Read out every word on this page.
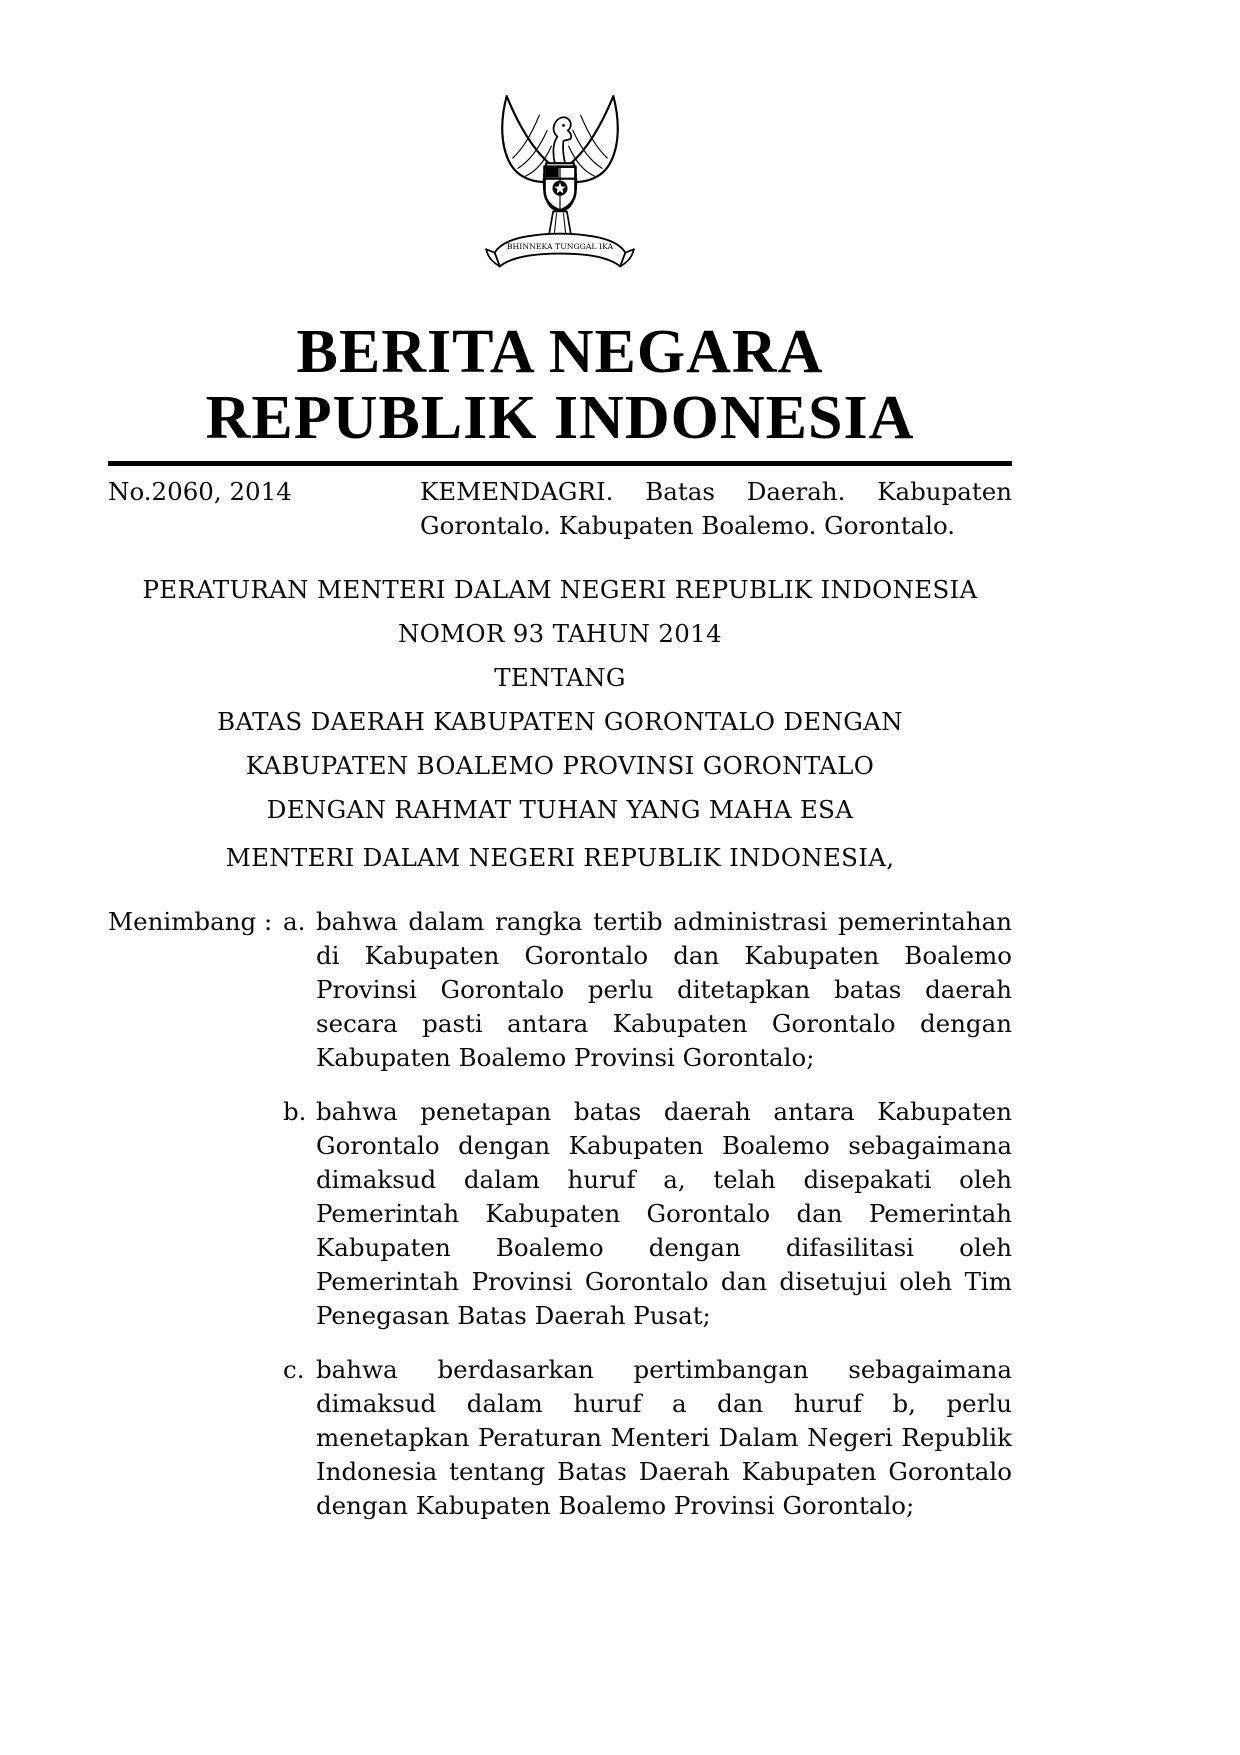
BHINNEKA TUNGGAL IKA
BERITA NEGARA
REPUBLIK INDONESIA
No.2060, 2014	KEMENDAGRI. Batas Daerah. Kabupaten Gorontalo. Kabupaten Boalemo. Gorontalo.
PERATURAN MENTERI DALAM NEGERI REPUBLIK INDONESIA
NOMOR 93 TAHUN 2014
TENTANG
BATAS DAERAH KABUPATEN GORONTALO DENGAN
KABUPATEN BOALEMO PROVINSI GORONTALO
DENGAN RAHMAT TUHAN YANG MAHA ESA
MENTERI DALAM NEGERI REPUBLIK INDONESIA,
Menimbang : a. bahwa dalam rangka tertib administrasi pemerintahan di Kabupaten Gorontalo dan Kabupaten Boalemo Provinsi Gorontalo perlu ditetapkan batas daerah secara pasti antara Kabupaten Gorontalo dengan Kabupaten Boalemo Provinsi Gorontalo;
b. bahwa penetapan batas daerah antara Kabupaten Gorontalo dengan Kabupaten Boalemo sebagaimana dimaksud dalam huruf a, telah disepakati oleh Pemerintah Kabupaten Gorontalo dan Pemerintah Kabupaten Boalemo dengan difasilitasi oleh Pemerintah Provinsi Gorontalo dan disetujui oleh Tim Penegasan Batas Daerah Pusat;
c. bahwa berdasarkan pertimbangan sebagaimana dimaksud dalam huruf a dan huruf b, perlu menetapkan Peraturan Menteri Dalam Negeri Republik Indonesia tentang Batas Daerah Kabupaten Gorontalo dengan Kabupaten Boalemo Provinsi Gorontalo;
